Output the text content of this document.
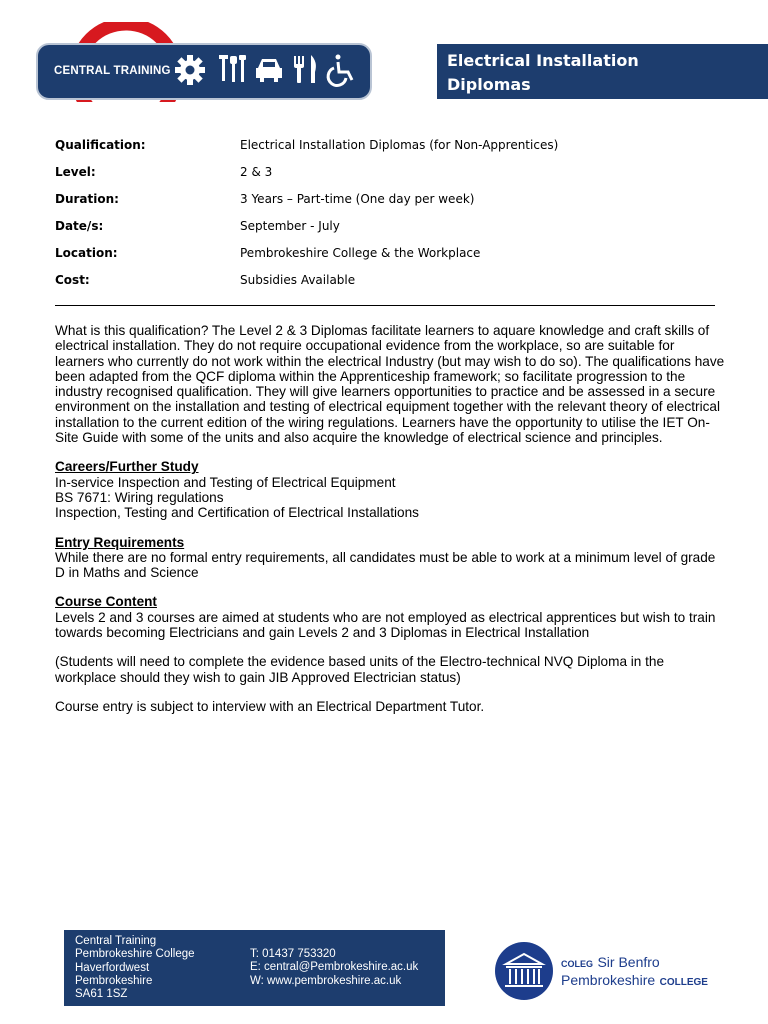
CENTRAL TRAINING
Electrical Installation
Diplomas
Qualification:	Electrical Installation Diplomas (for Non-Apprentices)
Level:	2 & 3
Duration:	3 Years – Part-time (One day per week)
Date/s:	September - July
Location:	Pembrokeshire College & the Workplace
Cost:	Subsidies Available

What is this qualification? The Level 2 & 3 Diplomas facilitate learners to aquare knowledge and craft skills of electrical installation. They do not require occupational evidence from the workplace, so are suitable for learners who currently do not work within the electrical Industry (but may wish to do so). The qualifications have been adapted from the QCF diploma within the Apprenticeship framework; so facilitate progression to the industry recognised qualification. They will give learners opportunities to practice and be assessed in a secure environment on the installation and testing of electrical equipment together with the relevant theory of electrical installation to the current edition of the wiring regulations. Learners have the opportunity to utilise the IET On-Site Guide with some of the units and also acquire the knowledge of electrical science and principles.

Careers/Further Study

In-service Inspection and Testing of Electrical Equipment

BS 7671: Wiring regulations

Inspection, Testing and Certification of Electrical Installations

Entry Requirements

While there are no formal entry requirements, all candidates must be able to work at a minimum level of grade D in Maths and Science

Course Content

Levels 2 and 3 courses are aimed at students who are not employed as electrical apprentices but wish to train towards becoming Electricians and gain Levels 2 and 3 Diplomas in Electrical Installation

(Students will need to complete the evidence based units of the Electro-technical NVQ Diploma in the workplace should they wish to gain JIB Approved Electrician status)

Course entry is subject to interview with an Electrical Department Tutor.

Central Training
Pembrokeshire College
Haverfordwest
Pembrokeshire
SA61 1SZ
T: 01437 753320
E: central@Pembrokeshire.ac.uk
W: www.pembrokeshire.ac.uk
COLEG Sir Benfro
Pembrokeshire COLLEGE
